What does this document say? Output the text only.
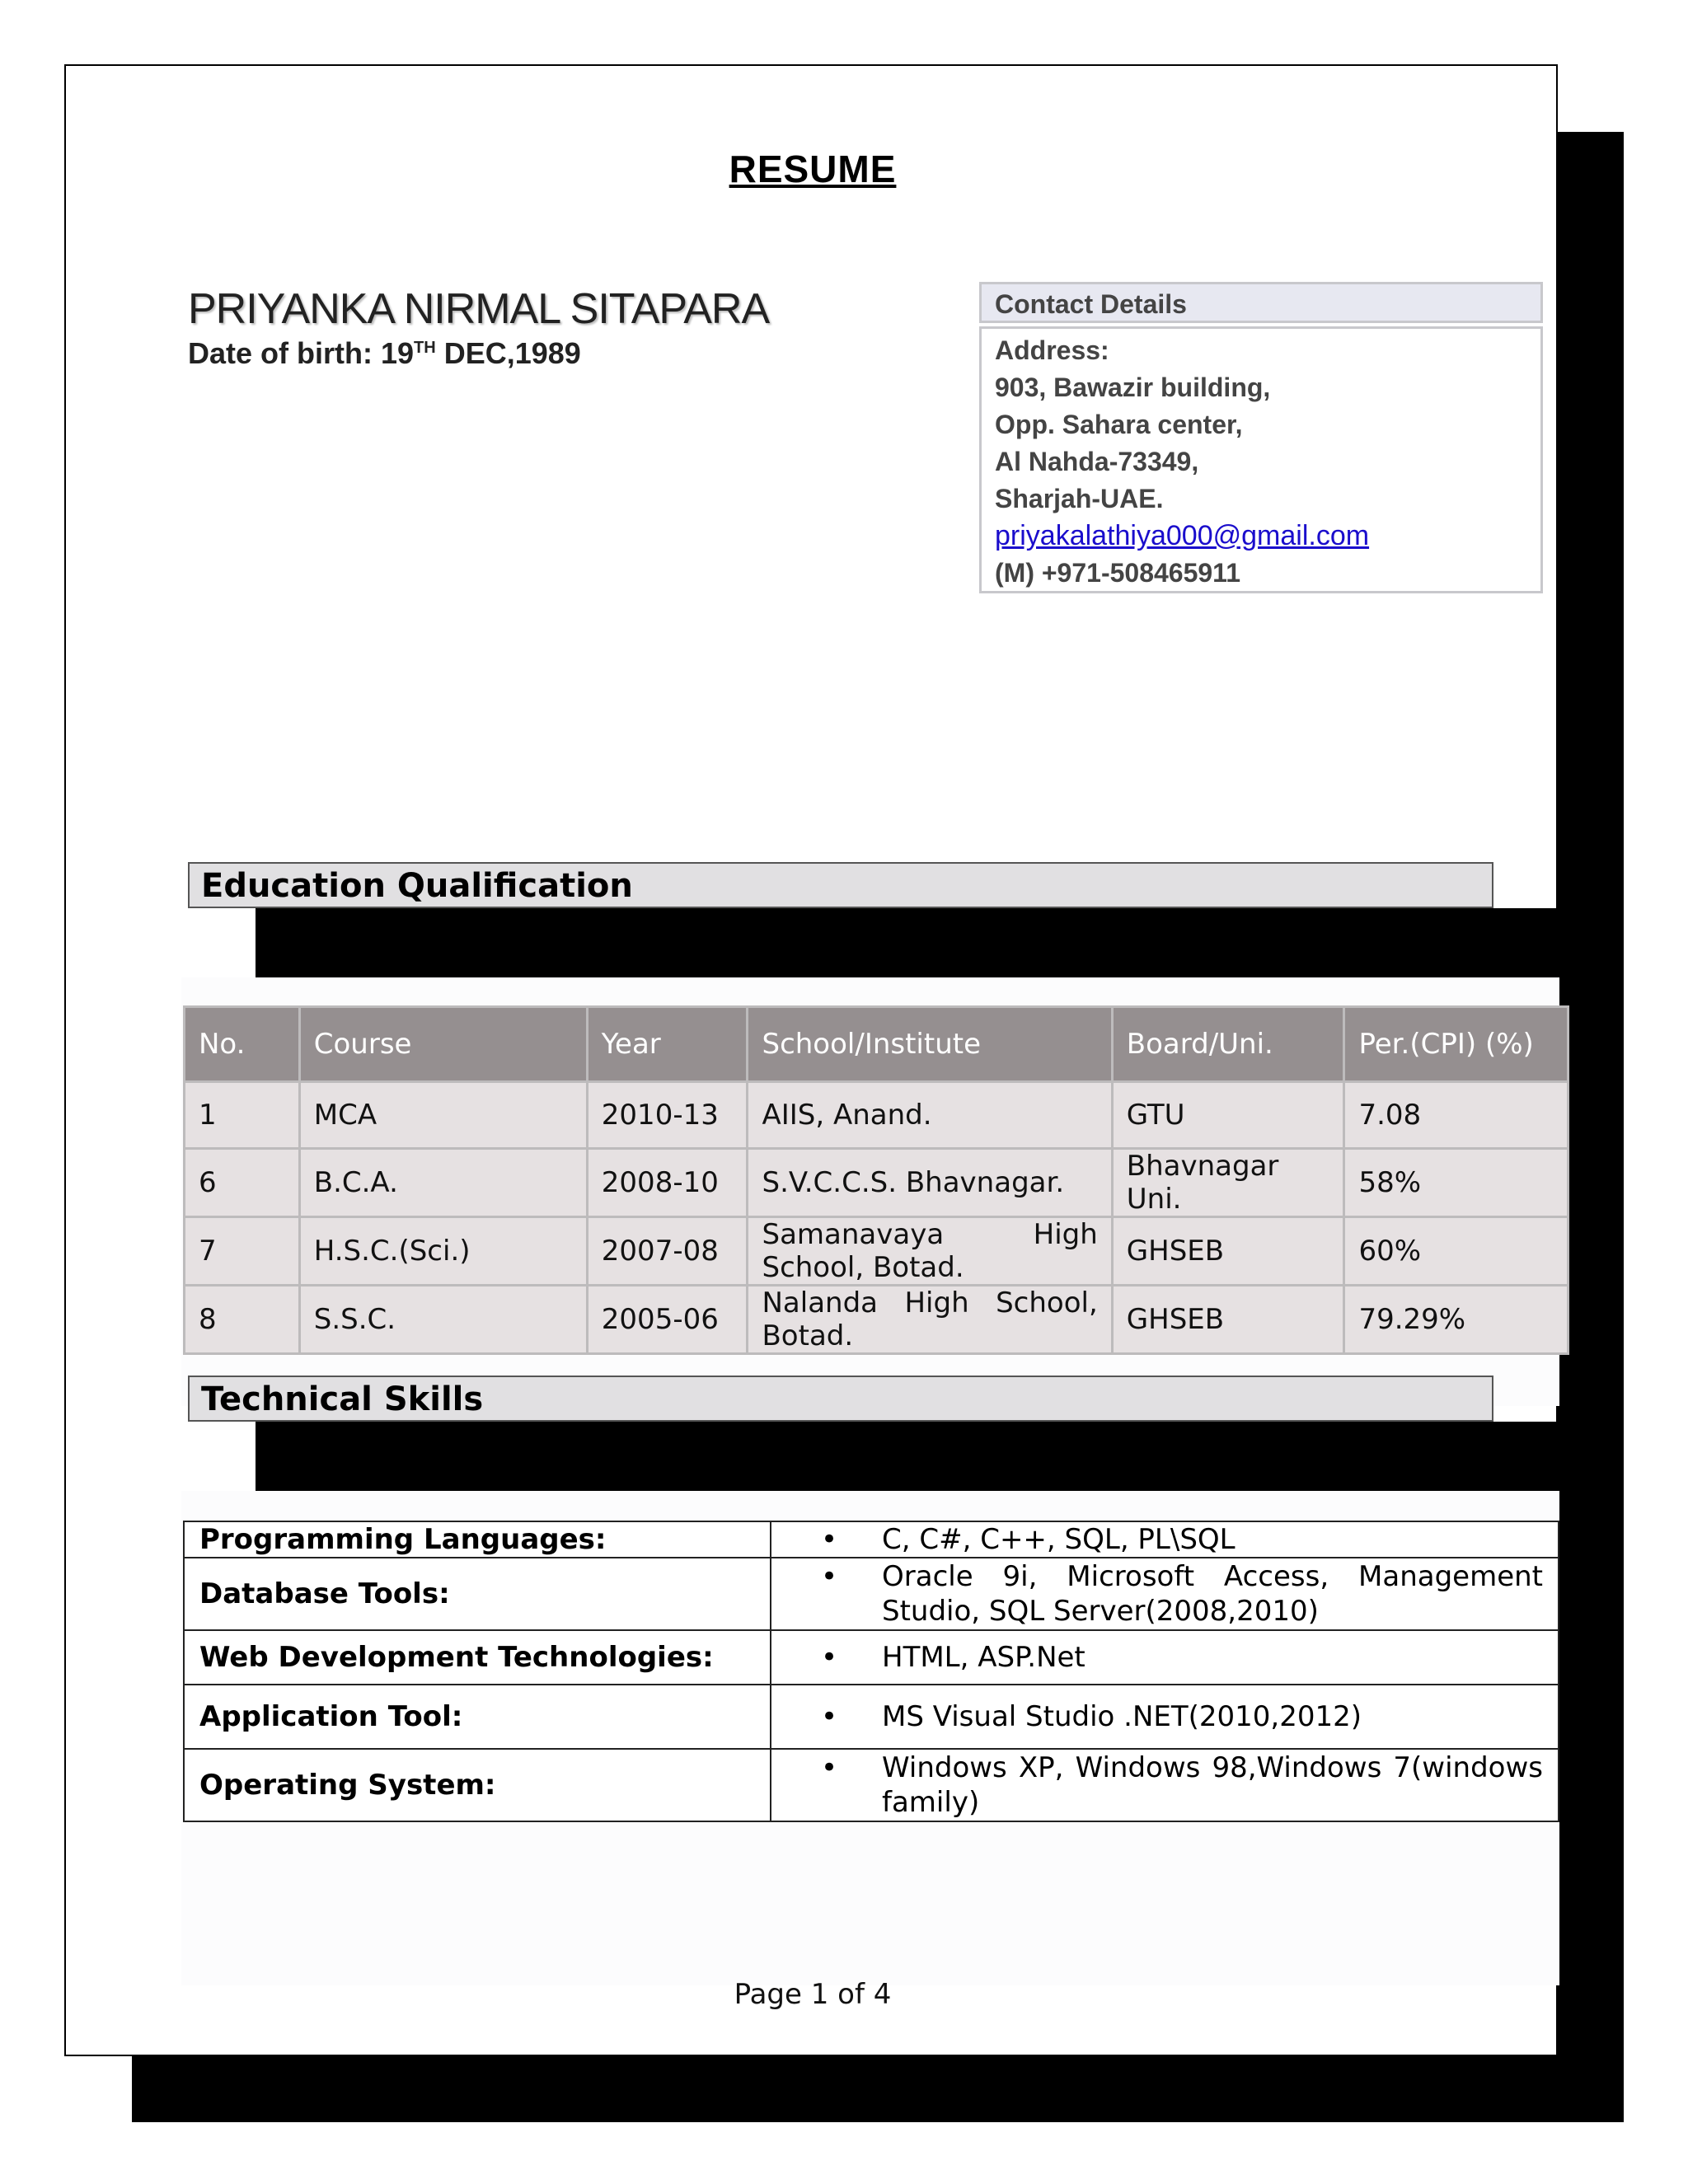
RESUME
PRIYANKA NIRMAL SITAPARA
Date of birth: 19TH DEC,1989
Contact Details
Address:
903, Bawazir building,
Opp. Sahara center,
Al Nahda-73349,
Sharjah-UAE.
priyakalathiya000@gmail.com
(M) +971-508465911
Education Qualification
No.	Course	Year	School/Institute	Board/Uni.	Per.(CPI) (%)
1	MCA	2010-13	AIIS, Anand.	GTU	7.08
6	B.C.A.	2008-10	S.V.C.C.S. Bhavnagar.	Bhavnagar Uni.	58%
7	H.S.C.(Sci.)	2007-08	Samanavaya High School, Botad.	GHSEB	60%
8	S.S.C.	2005-06	Nalanda High School, Botad.	GHSEB	79.29%
Technical Skills
Programming Languages:	• C, C#, C++, SQL, PL\SQL

Database Tools:	• Oracle 9i, Microsoft Access, Management Studio, SQL Server(2008,2010)

Web Development Technologies:	• HTML, ASP.Net

Application Tool:	• MS Visual Studio .NET(2010,2012)

Operating System:	• Windows XP, Windows 98,Windows 7(windows family)
Page 1 of 4
